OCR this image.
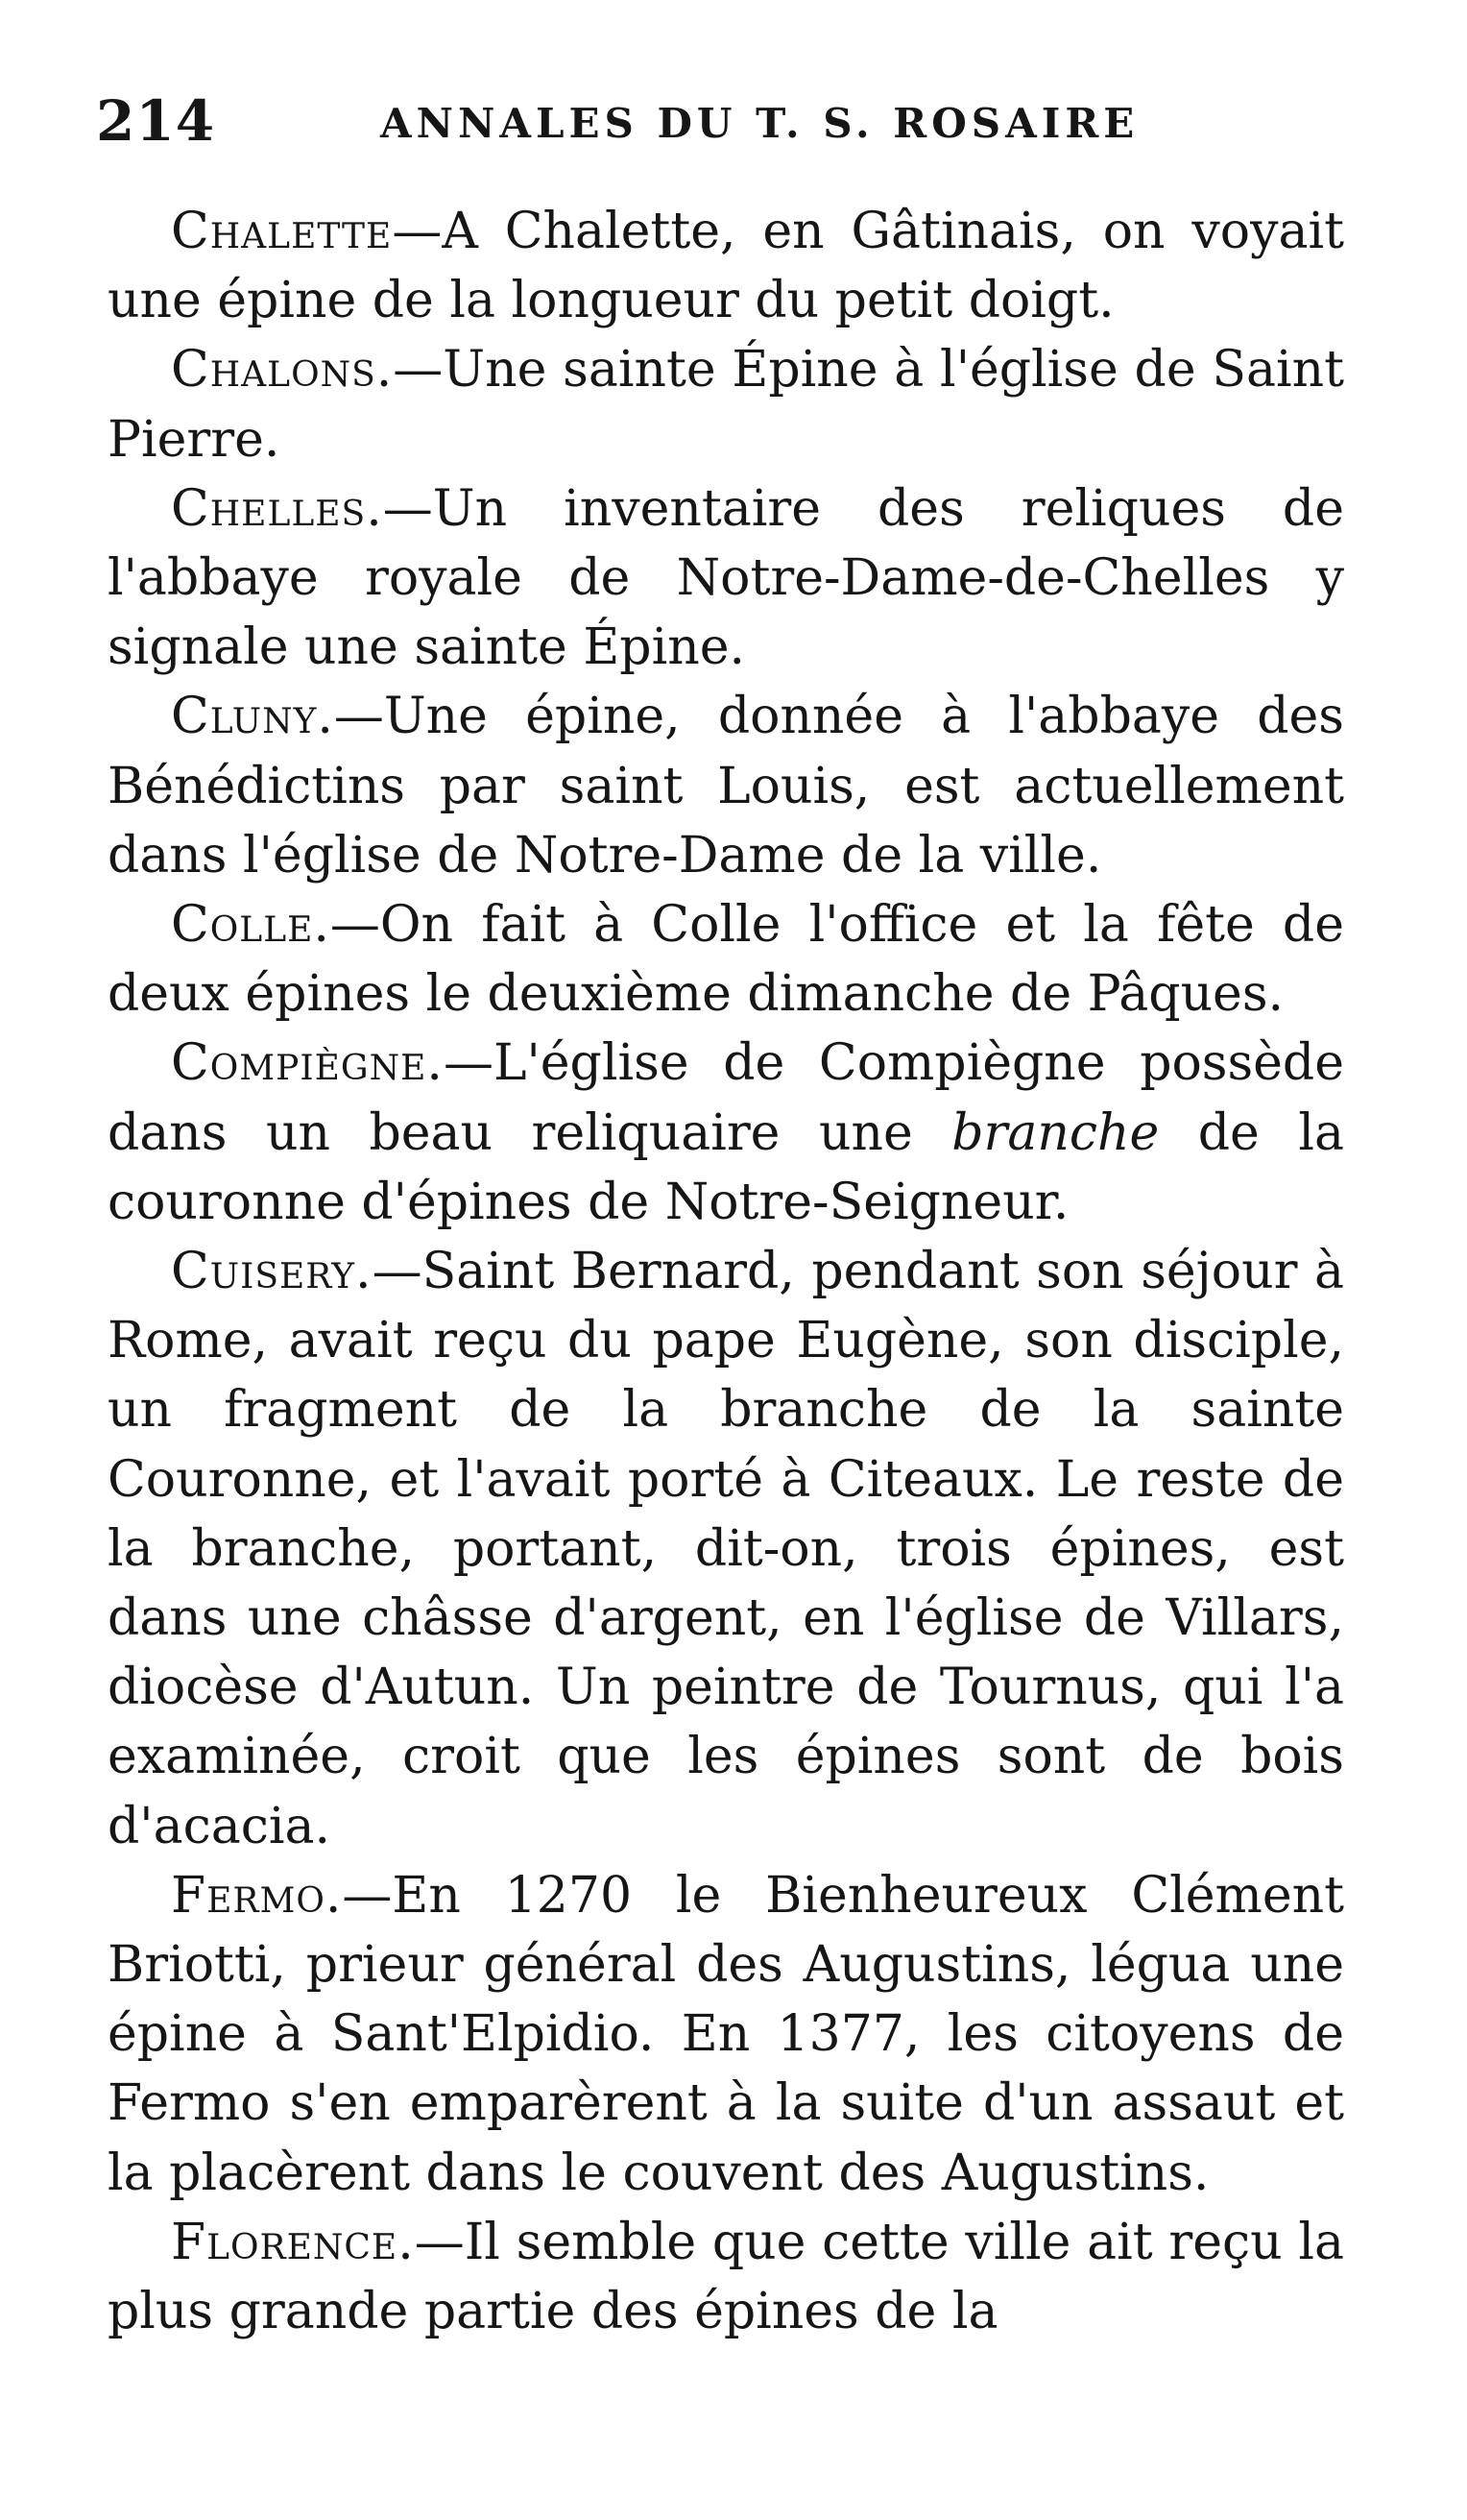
214	ANNALES DU T. S. ROSAIRE

Chalette—A Chalette, en Gâtinais, on voyait une épine de la longueur du petit doigt.

Chalons.—Une sainte Épine à l'église de Saint Pierre.

Chelles.—Un inventaire des reliques de l'abbaye royale de Notre-Dame-de-Chelles y signale une sainte Épine.

Cluny.—Une épine, donnée à l'abbaye des Bénédictins par saint Louis, est actuellement dans l'église de Notre-Dame de la ville.

Colle.—On fait à Colle l'office et la fête de deux épines le deuxième dimanche de Pâques.

Compiègne.—L'église de Compiègne possède dans un beau reliquaire une branche de la couronne d'épines de Notre-Seigneur.

Cuisery.—Saint Bernard, pendant son séjour à Rome, avait reçu du pape Eugène, son disciple, un fragment de la branche de la sainte Couronne, et l'avait porté à Citeaux. Le reste de la branche, portant, dit-on, trois épines, est dans une châsse d'argent, en l'église de Villars, diocèse d'Autun. Un peintre de Tournus, qui l'a examinée, croit que les épines sont de bois d'acacia.

Fermo.—En 1270 le Bienheureux Clément Briotti, prieur général des Augustins, légua une épine à Sant'Elpidio. En 1377, les citoyens de Fermo s'en emparèrent à la suite d'un assaut et la placèrent dans le couvent des Augustins.

Florence.—Il semble que cette ville ait reçu la plus grande partie des épines de la
